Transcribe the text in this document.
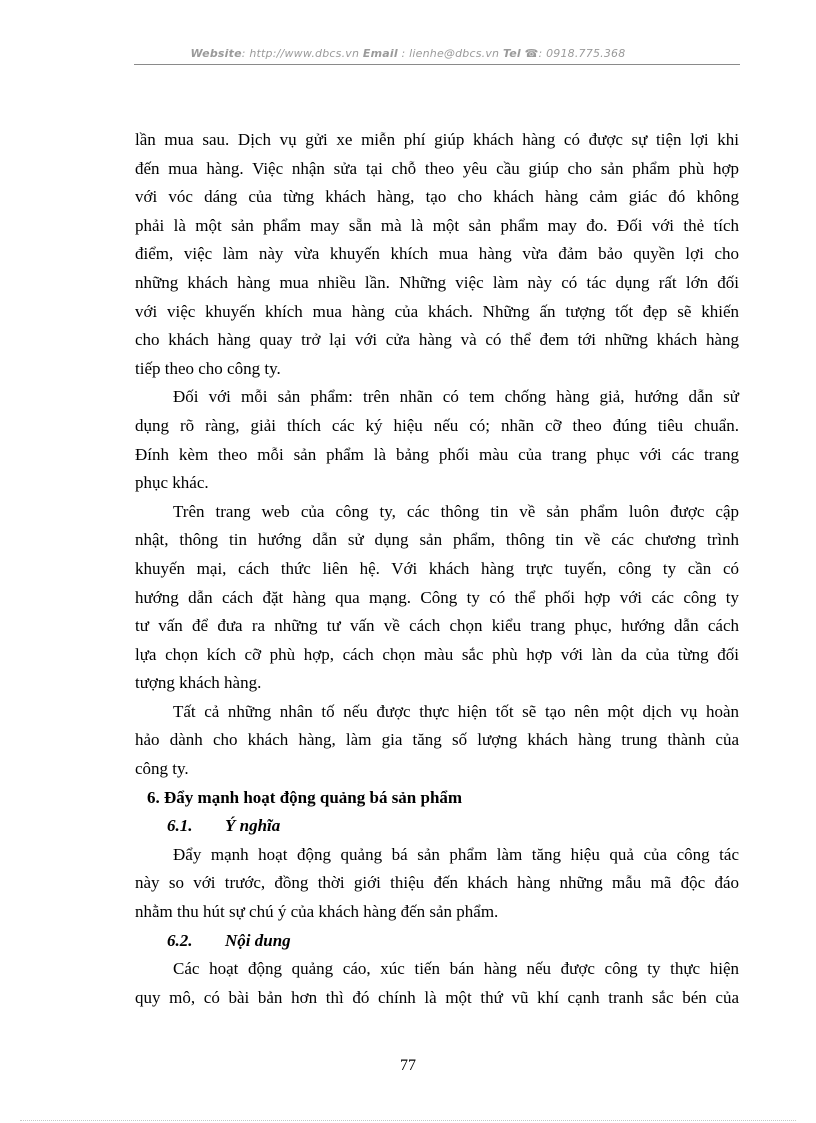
Website: http://www.dbcs.vn Email : lienhe@dbcs.vn Tel ☎: 0918.775.368

lần mua sau. Dịch vụ gửi xe miễn phí giúp khách hàng có được sự tiện lợi khi
đến mua hàng. Việc nhận sửa tại chỗ theo yêu cầu giúp cho sản phẩm phù hợp
với vóc dáng của từng khách hàng, tạo cho khách hàng cảm giác đó không
phải là một sản phẩm may sẵn mà là một sản phẩm may đo. Đối với thẻ tích
điểm, việc làm này vừa khuyến khích mua hàng vừa đảm bảo quyền lợi cho
những khách hàng mua nhiều lần. Những việc làm này có tác dụng rất lớn đối
với việc khuyến khích mua hàng của khách. Những ấn tượng tốt đẹp sẽ khiến
cho khách hàng quay trở lại với cửa hàng và có thể đem tới những khách hàng
tiếp theo cho công ty.

Đối với mỗi sản phẩm: trên nhãn có tem chống hàng giả, hướng dẫn sử
dụng rõ ràng, giải thích các ký hiệu nếu có; nhãn cỡ theo đúng tiêu chuẩn.
Đính kèm theo mỗi sản phẩm là bảng phối màu của trang phục với các trang
phục khác.

Trên trang web của công ty, các thông tin về sản phẩm luôn được cập
nhật, thông tin hướng dẫn sử dụng sản phẩm, thông tin về các chương trình
khuyến mại, cách thức liên hệ. Với khách hàng trực tuyến, công ty cần có
hướng dẫn cách đặt hàng qua mạng. Công ty có thể phối hợp với các công ty
tư vấn để đưa ra những tư vấn về cách chọn kiểu trang phục, hướng dẫn cách
lựa chọn kích cỡ phù hợp, cách chọn màu sắc phù hợp với làn da của từng đối
tượng khách hàng.

Tất cả những nhân tố nếu được thực hiện tốt sẽ tạo nên một dịch vụ hoàn
hảo dành cho khách hàng, làm gia tăng số lượng khách hàng trung thành của
công ty.

6. Đẩy mạnh hoạt động quảng bá sản phẩm

6.1. Ý nghĩa

Đẩy mạnh hoạt động quảng bá sản phẩm làm tăng hiệu quả của công tác
này so với trước, đồng thời giới thiệu đến khách hàng những mẫu mã độc đáo
nhằm thu hút sự chú ý của khách hàng đến sản phẩm.

6.2. Nội dung

Các hoạt động quảng cáo, xúc tiến bán hàng nếu được công ty thực hiện
quy mô, có bài bản hơn thì đó chính là một thứ vũ khí cạnh tranh sắc bén của

77
